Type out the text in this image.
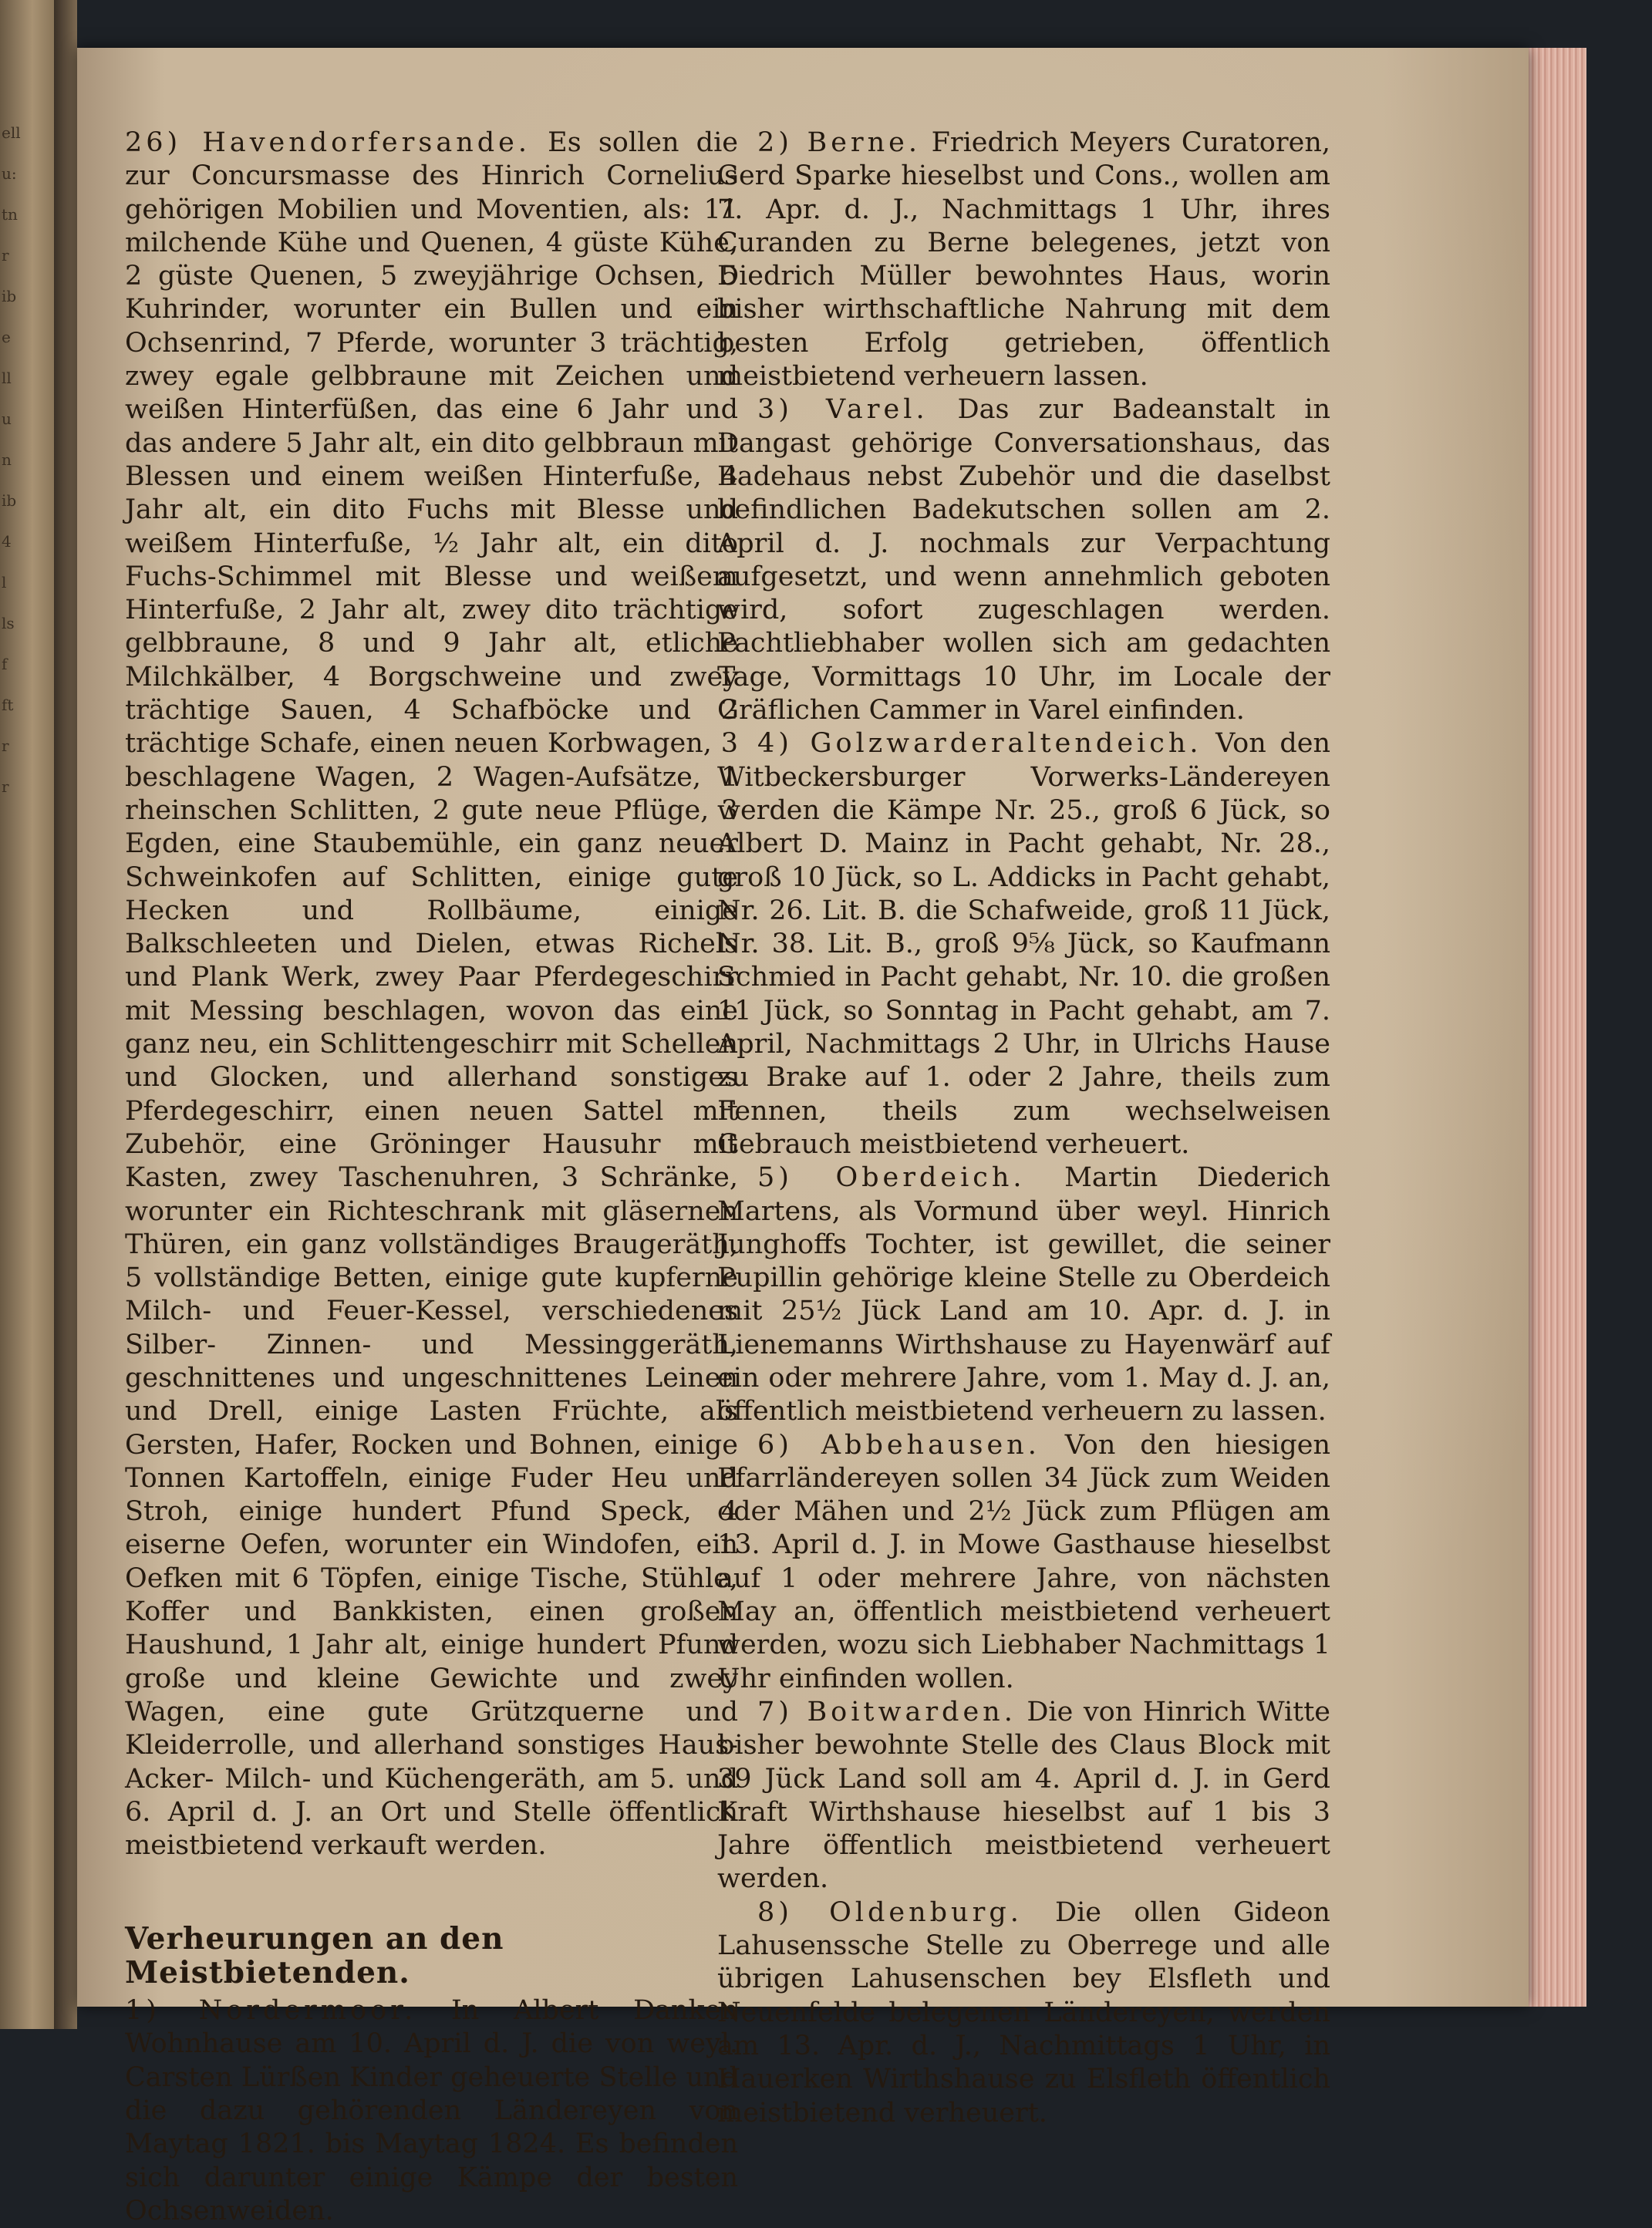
ell
u:
tn
r
ib
e
ll
u
n
ib
4
l
ls
f
ft
r
r

26) Havendorfersande. Es sollen die zur Concursmasse des Hinrich Cornelius gehörigen Mobilien und Moventien, als: 11 milchende Kühe und Quenen, 4 güste Kühe, 2 güste Quenen, 5 zweyjährige Ochsen, 5 Kuhrinder, worunter ein Bullen und ein Ochsenrind, 7 Pferde, worunter 3 trächtig, zwey egale gelbbraune mit Zeichen und weißen Hinterfüßen, das eine 6 Jahr und das andere 5 Jahr alt, ein dito gelbbraun mit Blessen und einem weißen Hinterfuße, 4 Jahr alt, ein dito Fuchs mit Blesse und weißem Hinterfuße, ½ Jahr alt, ein dito Fuchs-Schimmel mit Blesse und weißem Hinterfuße, 2 Jahr alt, zwey dito trächtige gelbbraune, 8 und 9 Jahr alt, etliche Milchkälber, 4 Borgschweine und zwey trächtige Sauen, 4 Schafböcke und 2 trächtige Schafe, einen neuen Korbwagen, 3 beschlagene Wagen, 2 Wagen-Aufsätze, 1 rheinschen Schlitten, 2 gute neue Pflüge, 3 Egden, eine Staubemühle, ein ganz neuer Schweinkofen auf Schlitten, einige gute Hecken und Rollbäume, einige Balkschleeten und Dielen, etwas Richels und Plank Werk, zwey Paar Pferdegeschirr mit Messing beschlagen, wovon das eine ganz neu, ein Schlittengeschirr mit Schellen und Glocken, und allerhand sonstiges Pferdegeschirr, einen neuen Sattel mit Zubehör, eine Gröninger Hausuhr mit Kasten, zwey Taschenuhren, 3 Schränke, worunter ein Richteschrank mit gläsernen Thüren, ein ganz vollständiges Braugeräth, 5 vollständige Betten, einige gute kupferne Milch- und Feuer-Kessel, verschiedenes Silber- Zinnen- und Messinggeräth, geschnittenes und ungeschnittenes Leinen und Drell, einige Lasten Früchte, als Gersten, Hafer, Rocken und Bohnen, einige Tonnen Kartoffeln, einige Fuder Heu und Stroh, einige hundert Pfund Speck, 4 eiserne Oefen, worunter ein Windofen, ein Oefken mit 6 Töpfen, einige Tische, Stühle, Koffer und Bankkisten, einen großen Haushund, 1 Jahr alt, einige hundert Pfund große und kleine Gewichte und zwey Wagen, eine gute Grützquerne und Kleiderrolle, und allerhand sonstiges Haus- Acker- Milch- und Küchengeräth, am 5. und 6. April d. J. an Ort und Stelle öffentlich meistbietend verkauft werden.

Verheurungen an den Meistbietenden.

1) Nordermoor. In Albert Danken Wohnhause am 10. April d. J. die von weyl. Carsten Lürßen Kinder geheuerte Stelle und die dazu gehörenden Ländereyen von Maytag 1821. bis Maytag 1824. Es befinden sich darunter einige Kämpe der besten Ochsenweiden.

2) Berne. Friedrich Meyers Curatoren, Gerd Sparke hieselbst und Cons., wollen am 7. Apr. d. J., Nachmittags 1 Uhr, ihres Curanden zu Berne belegenes, jetzt von Diedrich Müller bewohntes Haus, worin bisher wirthschaftliche Nahrung mit dem besten Erfolg getrieben, öffentlich meistbietend verheuern lassen.

3) Varel. Das zur Badeanstalt in Dangast gehörige Conversationshaus, das Badehaus nebst Zubehör und die daselbst befindlichen Badekutschen sollen am 2. April d. J. nochmals zur Verpachtung aufgesetzt, und wenn annehmlich geboten wird, sofort zugeschlagen werden. Pachtliebhaber wollen sich am gedachten Tage, Vormittags 10 Uhr, im Locale der Gräflichen Cammer in Varel einfinden.

4) Golzwarderaltendeich. Von den Witbeckersburger Vorwerks-Ländereyen werden die Kämpe Nr. 25., groß 6 Jück, so Albert D. Mainz in Pacht gehabt, Nr. 28., groß 10 Jück, so L. Addicks in Pacht gehabt, Nr. 26. Lit. B. die Schafweide, groß 11 Jück, Nr. 38. Lit. B., groß 9⅝ Jück, so Kaufmann Schmied in Pacht gehabt, Nr. 10. die großen 11 Jück, so Sonntag in Pacht gehabt, am 7. April, Nachmittags 2 Uhr, in Ulrichs Hause zu Brake auf 1. oder 2 Jahre, theils zum Fennen, theils zum wechselweisen Gebrauch meistbietend verheuert.

5) Oberdeich. Martin Diederich Martens, als Vormund über weyl. Hinrich Junghoffs Tochter, ist gewillet, die seiner Pupillin gehörige kleine Stelle zu Oberdeich mit 25½ Jück Land am 10. Apr. d. J. in Lienemanns Wirthshause zu Hayenwärf auf ein oder mehrere Jahre, vom 1. May d. J. an, öffentlich meistbietend verheuern zu lassen.

6) Abbehausen. Von den hiesigen Pfarrländereyen sollen 34 Jück zum Weiden oder Mähen und 2½ Jück zum Pflügen am 13. April d. J. in Mowe Gasthause hieselbst auf 1 oder mehrere Jahre, von nächsten May an, öffentlich meistbietend verheuert werden, wozu sich Liebhaber Nachmittags 1 Uhr einfinden wollen.

7) Boitwarden. Die von Hinrich Witte bisher bewohnte Stelle des Claus Block mit 39 Jück Land soll am 4. April d. J. in Gerd Kraft Wirthshause hieselbst auf 1 bis 3 Jahre öffentlich meistbietend verheuert werden.

8) Oldenburg. Die ollen Gideon Lahusenssche Stelle zu Oberrege und alle übrigen Lahusenschen bey Elsfleth und Neuenfelde belegenen Ländereyen, werden am 13. Apr. d. J., Nachmittags 1 Uhr, in Hauerken Wirthshause zu Elsfleth öffentlich meistbietend verheuert.
